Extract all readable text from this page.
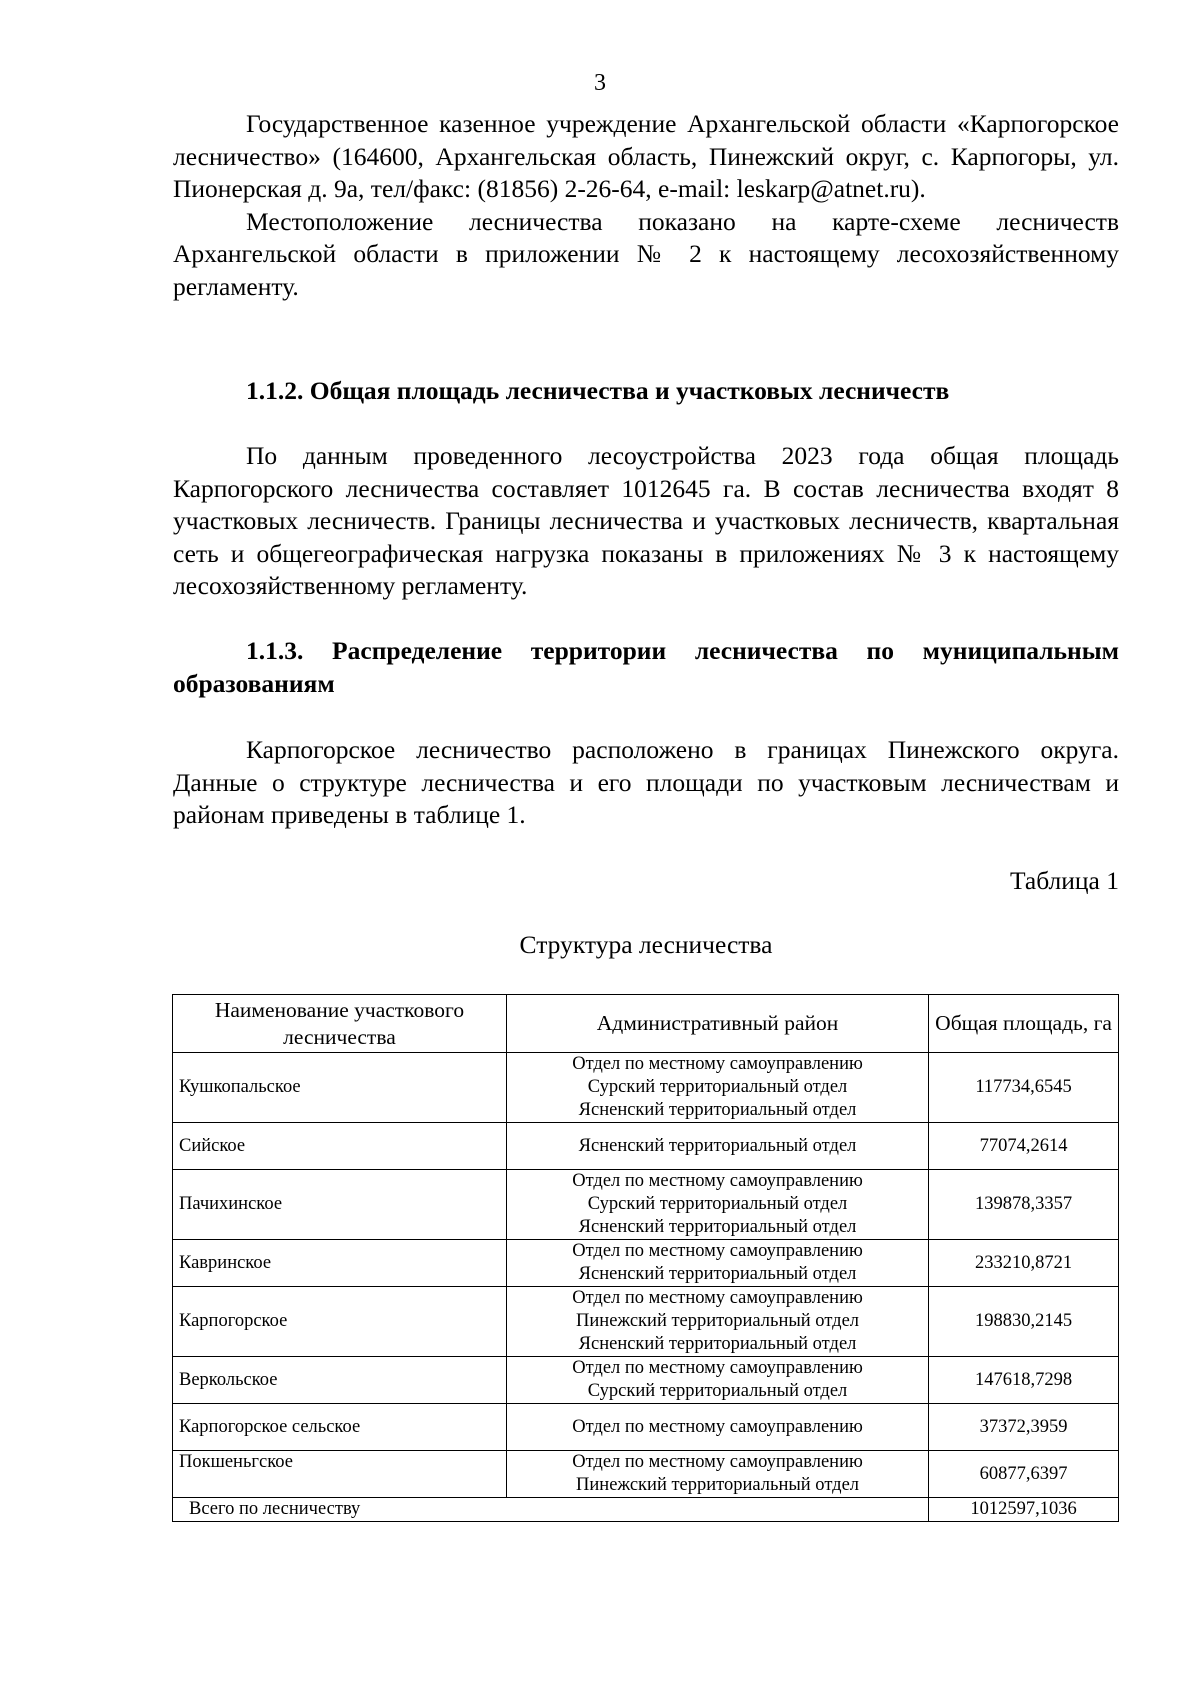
3

Государственное казенное учреждение Архангельской области «Карпогорское лесничество» (164600, Архангельская область, Пинежский округ, с. Карпогоры, ул. Пионерская д. 9а, тел/факс: (81856) 2-26-64, e-mail: leskarp@atnet.ru).

Местоположение лесничества показано на карте-схеме лесничеств Архангельской области в приложении № 2 к настоящему лесохозяйственному регламенту.

1.1.2. Общая площадь лесничества и участковых лесничеств

По данным проведенного лесоустройства 2023 года общая площадь Карпогорского лесничества составляет 1012645 га. В состав лесничества входят 8 участковых лесничеств. Границы лесничества и участковых лесничеств, квартальная сеть и общегеографическая нагрузка показаны в приложениях № 3 к настоящему лесохозяйственному регламенту.

1.1.3. Распределение территории лесничества по муниципальным образованиям

Карпогорское лесничество расположено в границах Пинежского округа. Данные о структуре лесничества и его площади по участковым лесничествам и районам приведены в таблице 1.

Таблица 1
Структура лесничества
Наименование участкового лесничества	Административный район	Общая площадь, га
Кушкопальское	Отдел по местному самоуправлению
Сурский территориальный отдел
Ясненский территориальный отдел	117734,6545
Сийское	Ясненский территориальный отдел	77074,2614
Пачихинское	Отдел по местному самоуправлению
Сурский территориальный отдел
Ясненский территориальный отдел	139878,3357
Кавринское	Отдел по местному самоуправлению
Ясненский территориальный отдел	233210,8721
Карпогорское	Отдел по местному самоуправлению
Пинежский территориальный отдел
Ясненский территориальный отдел	198830,2145
Веркольское	Отдел по местному самоуправлению
Сурский территориальный отдел	147618,7298
Карпогорское сельское	Отдел по местному самоуправлению	37372,3959
Покшеньгское	Отдел по местному самоуправлению
Пинежский территориальный отдел	60877,6397
Всего по лесничеству		1012597,1036
